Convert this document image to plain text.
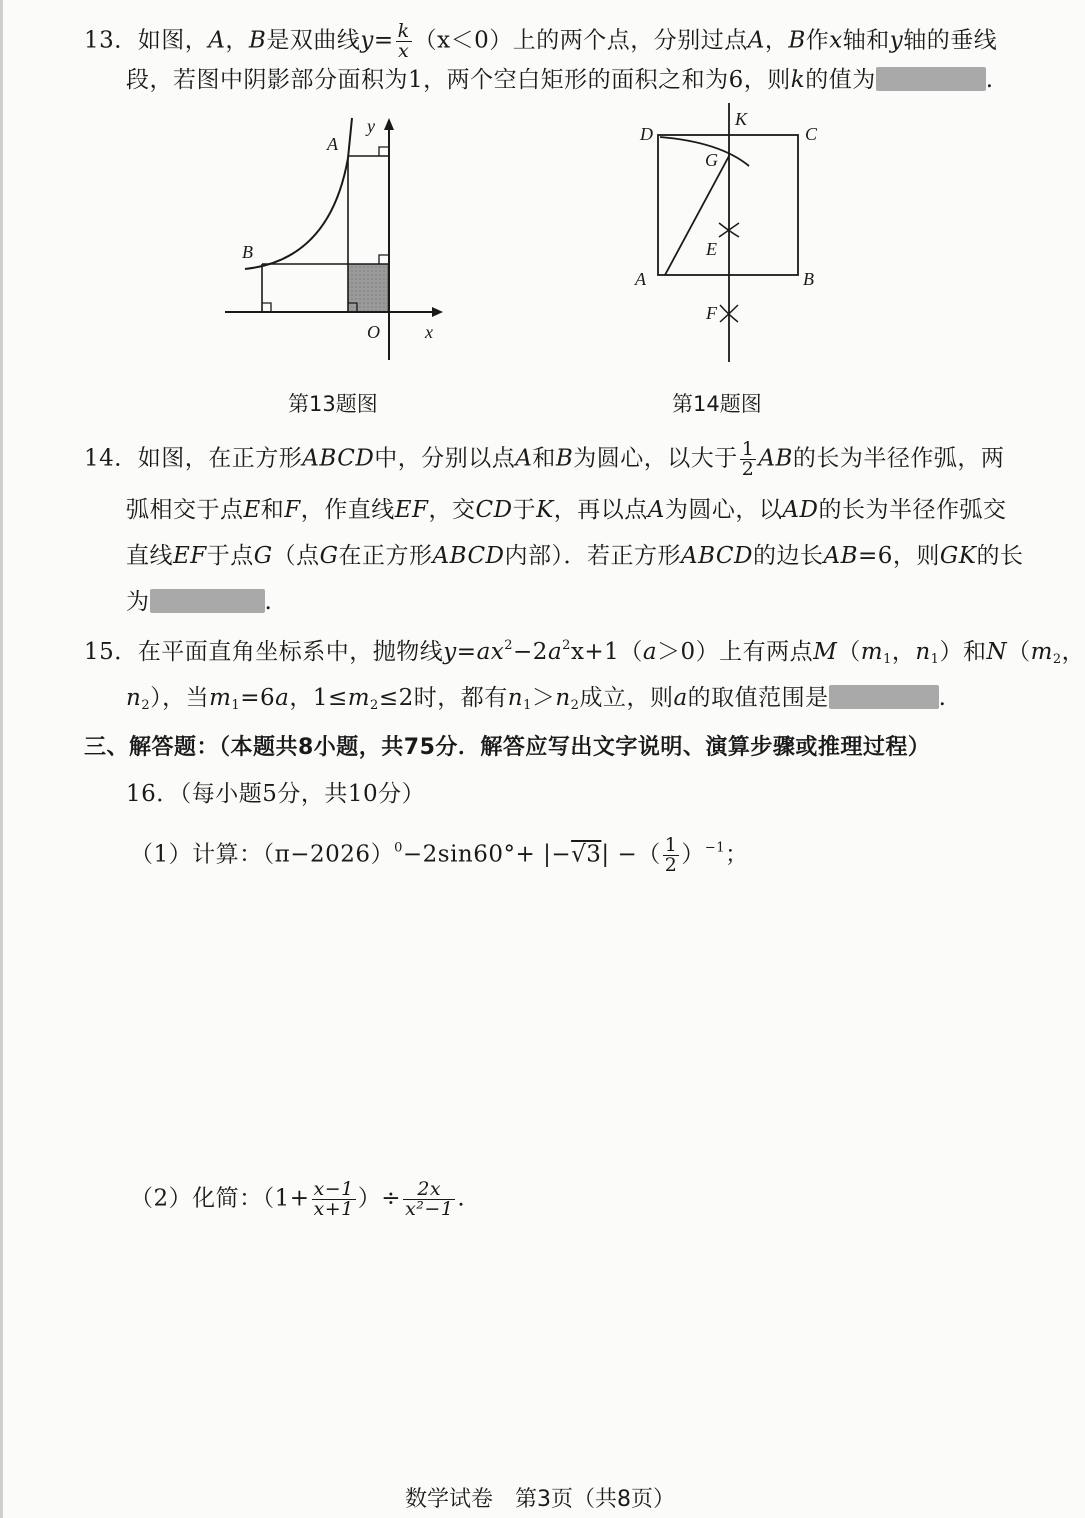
13．如图，A，B是双曲线$y= \frac{k}{x} (x<0)$上的两个点，分别过点A，B作x轴和y轴的垂线
段，若图中阴影部分面积为1，两个空白矩形的面积之和为6，则k的值为	.
A
B
O	x
y	D	C
K
G
E
A	B
F
第13题图	第14题图
14．如图，在正方形ABCD中，分别以点A和B为圆心，以大于 $\frac{1}{2}$ AB的长为半径作弧，两
弧相交于点E和F，作直线EF，交CD于K，再以点A为圆心，以AD的长为半径作弧交
直线EF于点G（点G在正方形ABCD内部）．若正方形ABCD的边长AB=6，则GK的长
为	.
15．在平面直角坐标系中，抛物线$y=ax^2-2a^2x+1(a>0)$上有两点$M(m_1$，$n_1$）和$N(m_2$，
$n_2$），当$m_1=6a$，$1\le m_2\le 2$时，都有$n_1>n_2$成立，则a的取值范围是	.
三、解答题：（本题共8小题，共75分．解答应写出文字说明、演算步骤或推理过程）
16．（每小题5分，共10分）
（1）计算：$(\pi-2026)^0-2\sin 60^\circ+ |-√3|$ −（ $\frac{1}{2} )^{-1}$；
（2）化简：（$1+ \frac{x-1}{x+1}$ ）÷ $\frac{2x}{\text{x²−1}}$ .
数学试卷　第3页（共8页）
